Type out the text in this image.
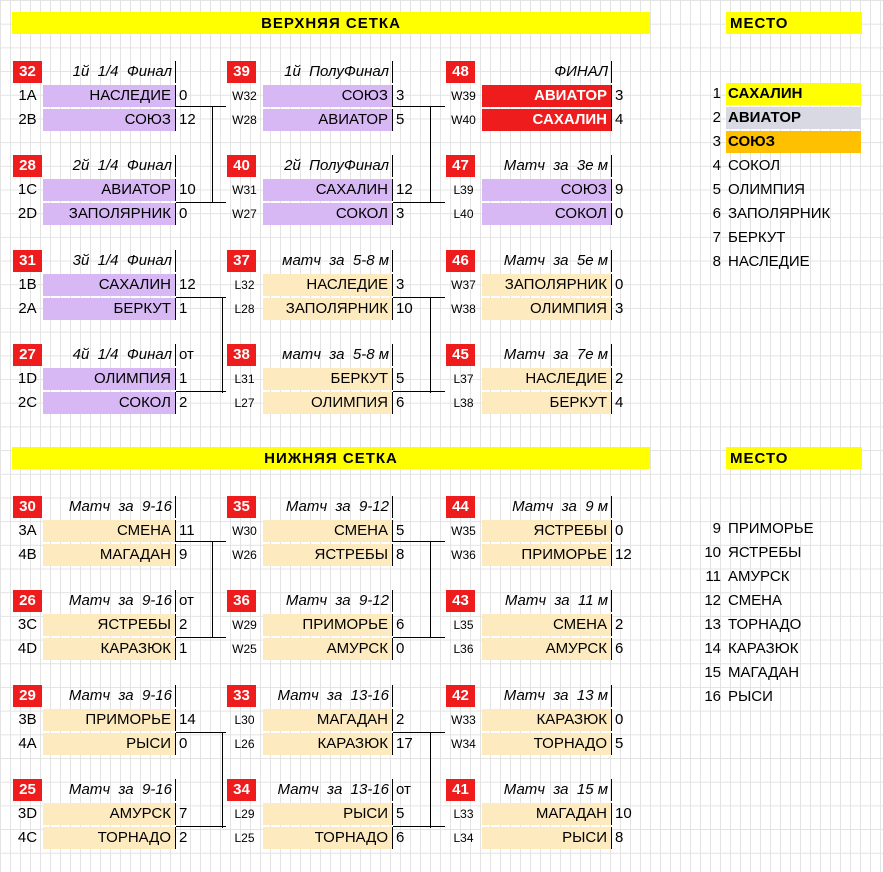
ВЕРХНЯЯ СЕТКА	МЕСТО
НИЖНЯЯ СЕТКА	МЕСТО
32	1й  1/4  Финал
1A	НАСЛЕДИЕ 0
2B	СОЮЗ 12
28	2й  1/4  Финал
1C	АВИАТОР 10
2D	ЗАПОЛЯРНИК 0
31	3й  1/4  Финал
1B	САХАЛИН 12
2A	БЕРКУТ 1
27	4й  1/4  Финал от
1D	ОЛИМПИЯ 1
2C	СОКОЛ 2
39	1й  ПолуФинал
W32	СОЮЗ 3
W28	АВИАТОР 5
40	2й  ПолуФинал
W31	САХАЛИН 12
W27	СОКОЛ 3
37	матч  за  5-8 м
L32	НАСЛЕДИЕ 3
L28	ЗАПОЛЯРНИК 10
38	матч  за  5-8 м
L31	БЕРКУТ 5
L27	ОЛИМПИЯ 6
48	ФИНАЛ
W39	АВИАТОР 3
W40	САХАЛИН 4
47	Матч  за  3е м
L39	СОЮЗ 9
L40	СОКОЛ 0
46	Матч  за  5е м
W37	ЗАПОЛЯРНИК 0
W38	ОЛИМПИЯ 3
45	Матч  за  7е м
L37	НАСЛЕДИЕ 2
L38	БЕРКУТ 4
30	Матч  за  9-16
3A	СМЕНА 11
4B	МАГАДАН 9
26	Матч  за  9-16 от
3C	ЯСТРЕБЫ 2
4D	КАРАЗЮК 1
29	Матч  за  9-16
3B	ПРИМОРЬЕ 14
4A	РЫСИ 0
25	Матч  за  9-16
3D	АМУРСК 7
4C	ТОРНАДО 2
35	Матч  за  9-12
W30	СМЕНА 5
W26	ЯСТРЕБЫ 8
36	Матч  за  9-12
W29	ПРИМОРЬЕ 6
W25	АМУРСК 0
33	Матч  за  13-16
L30	МАГАДАН 2
L26	КАРАЗЮК 17
34	Матч  за  13-16 от
L29	РЫСИ 5
L25	ТОРНАДО 6
44	Матч  за  9 м
W35	ЯСТРЕБЫ 0
W36	ПРИМОРЬЕ 12
43	Матч  за  11 м
L35	СМЕНА 2
L36	АМУРСК 6
42	Матч  за  13 м
W33	КАРАЗЮК 0
W34	ТОРНАДО 5
41	Матч  за  15 м
L33	МАГАДАН 10
L34	РЫСИ 8
1 САХАЛИН
2 АВИАТОР
3 СОЮЗ
4 СОКОЛ
5 ОЛИМПИЯ
6 ЗАПОЛЯРНИК
7 БЕРКУТ
8 НАСЛЕДИЕ
9 ПРИМОРЬЕ
10 ЯСТРЕБЫ
11 АМУРСК
12 СМЕНА
13 ТОРНАДО
14 КАРАЗЮК
15 МАГАДАН
16 РЫСИ
